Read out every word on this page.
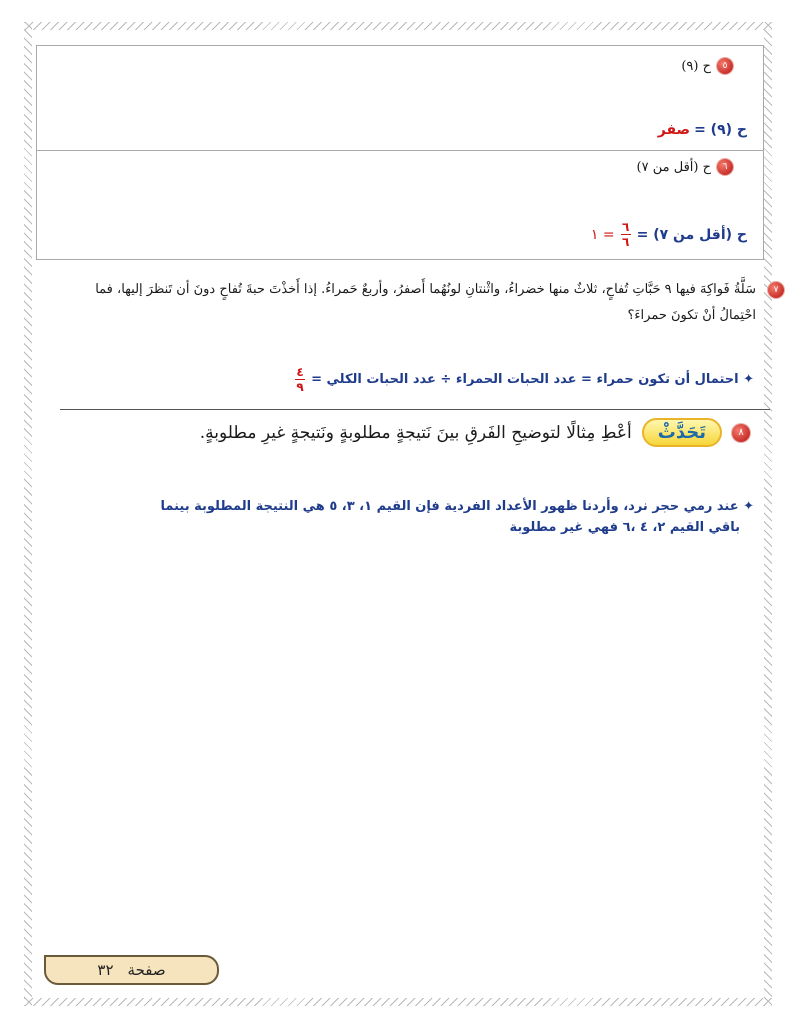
٥
ح (٩)
ح (٩) =
صفر
٦
ح (أقل من ٧)
ح (أقل من ٧) =
$\frac{٦}{٦}$
= ١
٧
سَلَّةُ فَواكِهَ فيها ٩ حَبَّاتِ تُفاحٍ، ثلاثٌ منها خضراءُ، واثْنتانِ لونُهُما أَصفرُ، وأربعٌ حَمراءُ. إذا أَخذْتَ حبةَ تُفاحٍ دونَ أن تَنظرَ إليها، فما احْتِمالُ أنْ تكونَ حمراءَ؟
✦ احتمال أن تكون حمراء = عدد الحبات الحمراء ÷ عدد الحبات الكلي =
$\frac{٤}{٩}$
٨
تَحَدَّثْ
أعْطِ مِثالًا لتوضيحِ الفَرقِ بينَ نَتيجةٍ مطلوبةٍ ونَتيجةٍ غيرِ مطلوبةٍ.
✦ عند رمي حجر نرد، وأردنا ظهور الأعداد الفردية فإن القيم ١، ٣، ٥ هي النتيجة المطلوبة بينما
باقي القيم ٢، ٤ ،٦ فهي غير مطلوبة
صفحة
٣٢
